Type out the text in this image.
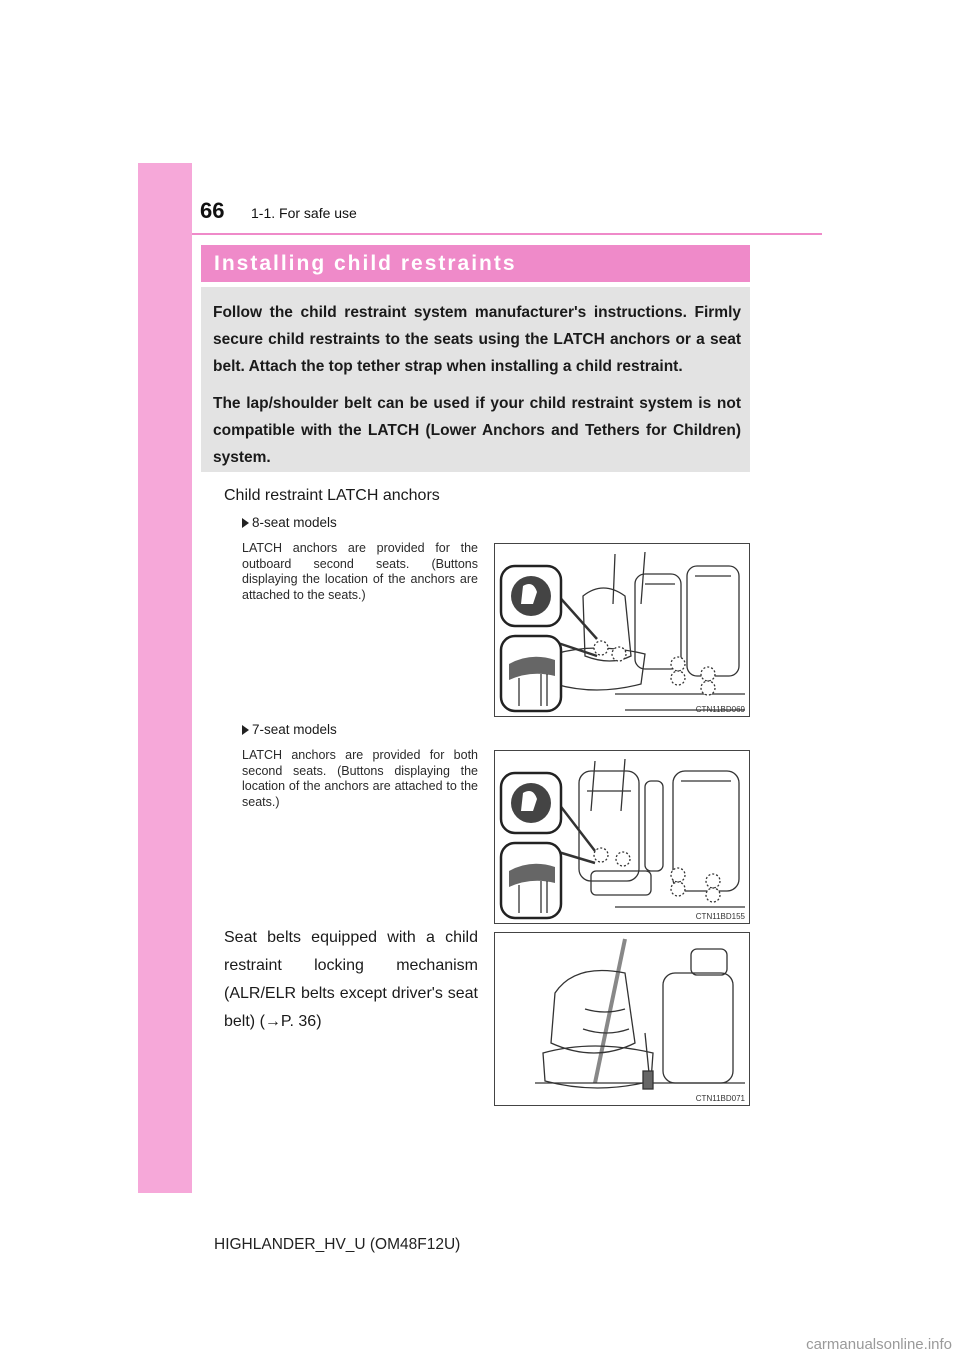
66 1-1. For safe use
Installing child restraints

Follow the child restraint system manufacturer's instructions. Firmly secure child restraints to the seats using the LATCH anchors or a seat belt. Attach the top tether strap when installing a child restraint.

The lap/shoulder belt can be used if your child restraint system is not compatible with the LATCH (Lower Anchors and Tethers for Children) system.

Child restraint LATCH anchors
8-seat models
LATCH anchors are provided for the outboard second seats. (Buttons displaying the location of the anchors are attached to the seats.)
CTN11BD069
7-seat models
LATCH anchors are provided for both second seats. (Buttons displaying the location of the anchors are attached to the seats.)
CTN11BD155
Seat belts equipped with a child restraint locking mechanism (ALR/ELR belts except driver's seat belt) (→P. 36)
CTN11BD071
HIGHLANDER_HV_U (OM48F12U)
carmanualsonline.info
